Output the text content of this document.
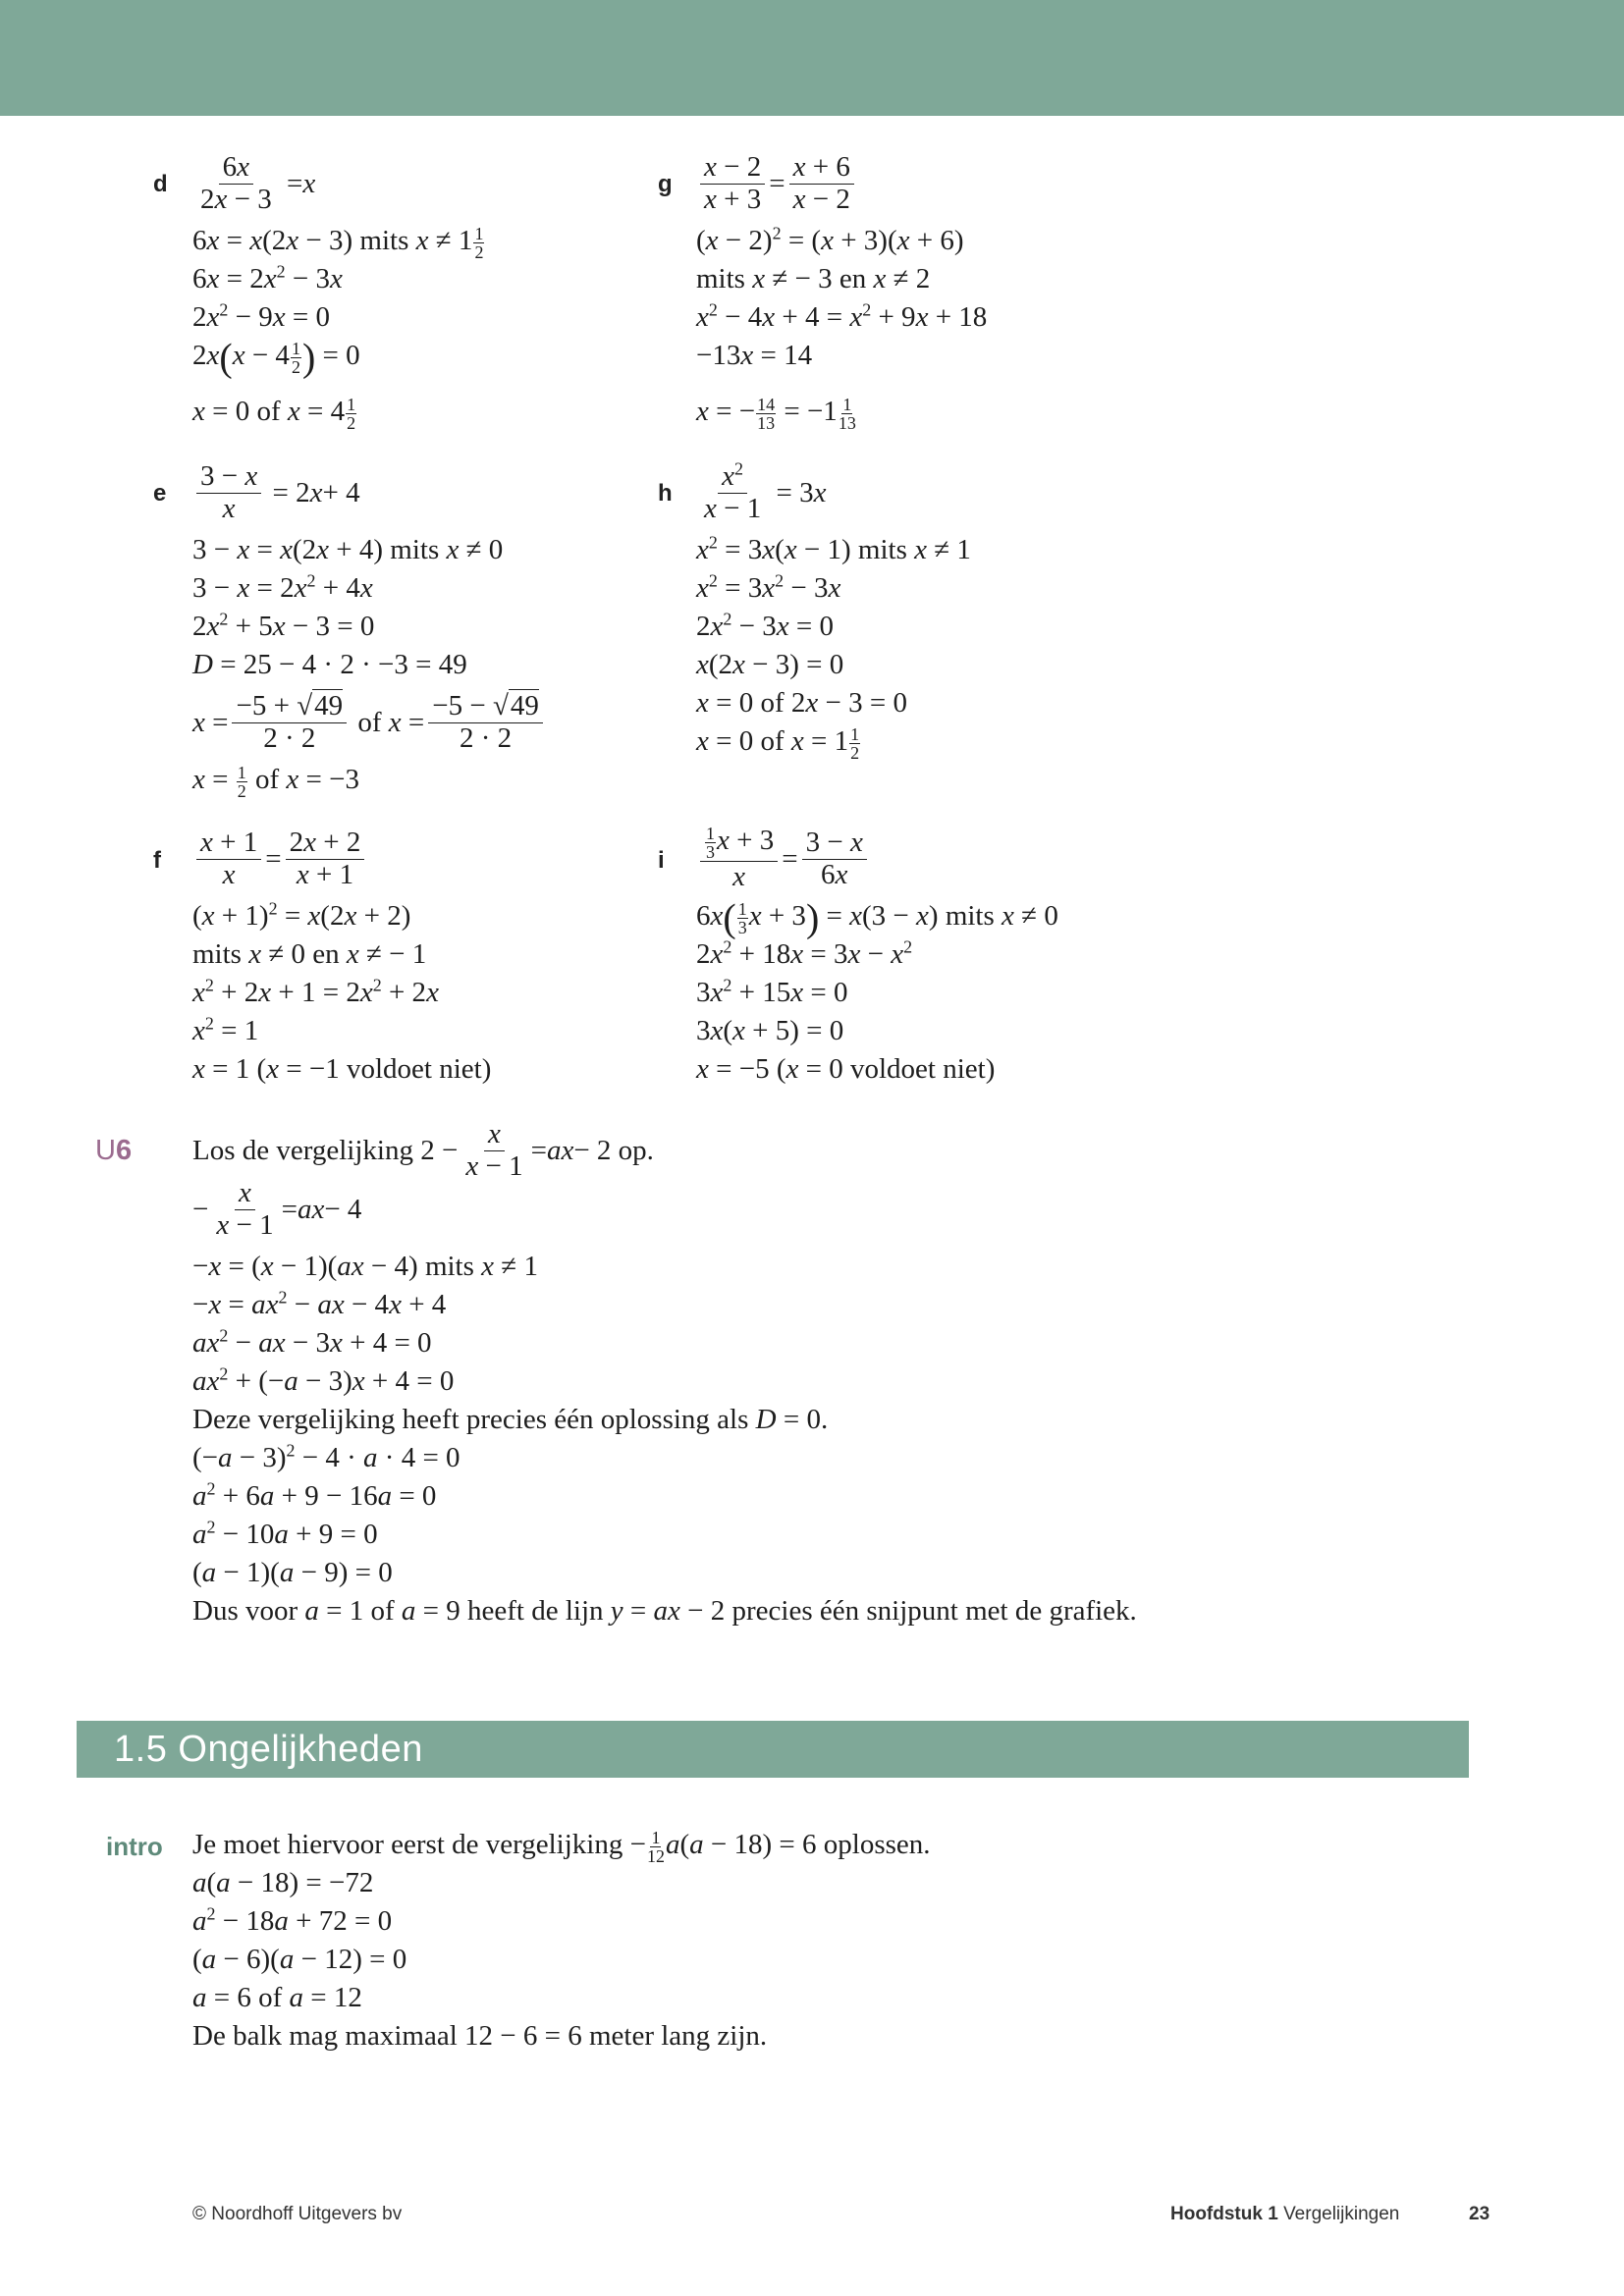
d	g
e	h
f	i
6x
2x − 3 = x
6x = x(2x − 3) mits $x \ne 1 \frac{1}{2}$
$6x = 2x^2 - 3x$
$2x^2 - 9x = 0$
$2x(x - 4 \frac{1}{2}$ ) = 0
x = 0 of $x = 4 \frac{1}{2}$
x − 2
x + 3 =
x + 6
x − 2
$(x - 2)^2 = (x + 3)(x + 6)$
mits x ≠ − 3 en x ≠ 2
$x^2 - 4x + 4 = x^2 + 9x + 18$
−13x = 14
x = − $\frac{14}{13} = -1 \frac{1}{13}$
3 − x
x = 2 x + 4
3 − x = x(2x + 4) mits x ≠ 0
$3 - x = 2x^2 + 4x$
$2x^2 + 5x - 3 = 0$
D = 25 − 4 · 2 · −3 = 49
x =
−5 + √49
2 · 2
of
x =
−5 − √49
2 · 2
$x = \frac{1}{2}$ of x = −3
$x^2$
x − 1 = 3 x
$x^2 = 3x(x - 1)$ mits x ≠ 1
$x^2 = 3x^2 - 3x$
$2x^2 - 3x = 0$
x(2x − 3) = 0
x = 0 of 2x − 3 = 0
x = 0 of $x = 1 \frac{1}{2}$
x + 1
x =
2x + 2
x + 1
$(x + 1)^2 = x(2x + 2)$
mits x ≠ 0 en x ≠ − 1
$x^2 + 2x + 1 = 2x^2 + 2x$
$x^2 = 1$
x = 1 (x = −1 voldoet niet)
$\frac{1}{3}$ x + 3
x
=
3 − x
6x
$6x( \frac{1}{3}$ x + 3) = x(3 − x) mits x ≠ 0
$2x^2 + 18x = 3x - x^2$
$3x^2 + 15x = 0$
3x(x + 5) = 0
x = −5 (x = 0 voldoet niet)
U6 Los de vergelijking 2 −
x
x − 1 = a x − 2 op.
−
x
x − 1 = a x − 4
−x = (x − 1)(ax − 4) mits x ≠ 1
$-x = ax^2$ − ax − 4x + 4
$ax^2$ − ax − 3x + 4 = 0
$ax^2 + (-a - 3)x + 4 = 0$
Deze vergelijking heeft precies één oplossing als D = 0.
$(-a - 3)^2 - 4 \cdot a \cdot 4 = 0$
$a^2 + 6a + 9 - 16a = 0$
$a^2 - 10a + 9 = 0$
(a − 1)(a − 9) = 0
Dus voor a = 1 of a = 9 heeft de lijn y = ax − 2 precies één snijpunt met de grafiek.
1.5 Ongelijkheden
intro Je moet hiervoor eerst de vergelijking − $\frac{1}{12} a(a - 18) = 6$ oplossen.
a(a − 18) = −72
$a^2 - 18a + 72 = 0$
(a − 6)(a − 12) = 0
a = 6 of a = 12
De balk mag maximaal 12 − 6 = 6 meter lang zijn.
© Noordhoff Uitgevers bv	Hoofdstuk 1 Vergelijkingen	23
